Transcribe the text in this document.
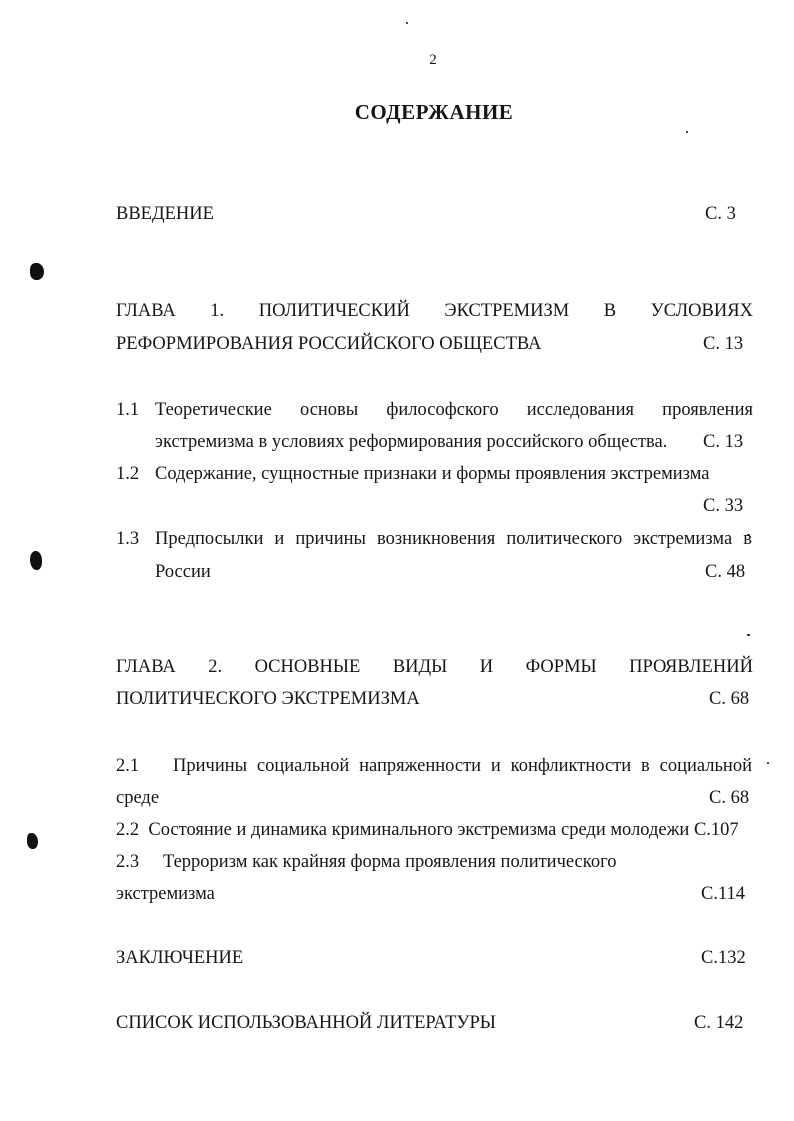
2
СОДЕРЖАНИЕ
ВВЕДЕНИЕ	С. 3
ГЛАВА 1. ПОЛИТИЧЕСКИЙ ЭКСТРЕМИЗМ В УСЛОВИЯХ
РЕФОРМИРОВАНИЯ РОССИЙСКОГО ОБЩЕСТВА	С. 13
1.1 Теоретические основы философского исследования проявления
экстремизма в условиях реформирования российского общества. С. 13
1.2 Содержание, сущностные признаки и формы проявления экстремизма
С. 33
1.3 Предпосылки и причины возникновения политического экстремизма в
России	С. 48
ГЛАВА 2. ОСНОВНЫЕ ВИДЫ И ФОРМЫ ПРОЯВЛЕНИЙ
ПОЛИТИЧЕСКОГО ЭКСТРЕМИЗМА	С. 68
2.1 Причины социальной напряженности и конфликтности в социальной
среде	С. 68
2.2  Состояние и динамика криминального экстремизма среди молодежи С.107
2.3 Терроризм как крайняя форма проявления политического
экстремизма	С.114
ЗАКЛЮЧЕНИЕ	С.132
СПИСОК ИСПОЛЬЗОВАННОЙ ЛИТЕРАТУРЫ	С. 142
